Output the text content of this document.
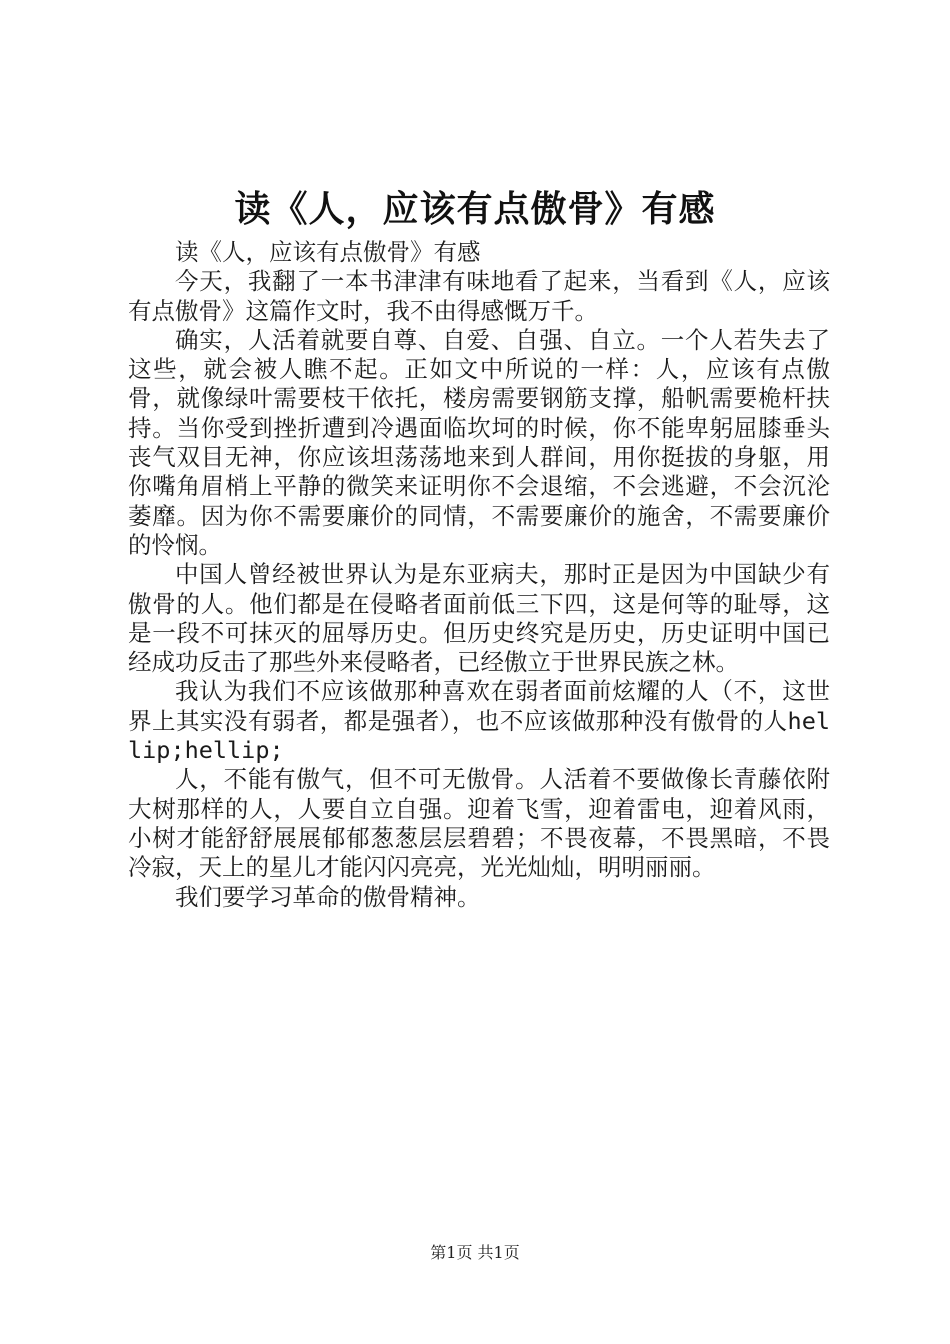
读《人，应该有点傲骨》有感

读《人，应该有点傲骨》有感

今天，我翻了一本书津津有味地看了起来，当看到《人，应该有点傲骨》这篇作文时，我不由得感慨万千。

确实，人活着就要自尊、自爱、自强、自立。一个人若失去了这些，就会被人瞧不起。正如文中所说的一样：人，应该有点傲骨，就像绿叶需要枝干依托，楼房需要钢筋支撑，船帆需要桅杆扶持。当你受到挫折遭到冷遇面临坎坷的时候，你不能卑躬屈膝垂头丧气双目无神，你应该坦荡荡地来到人群间，用你挺拔的身躯，用你嘴角眉梢上平静的微笑来证明你不会退缩，不会逃避，不会沉沦萎靡。因为你不需要廉价的同情，不需要廉价的施舍，不需要廉价的怜悯。

中国人曾经被世界认为是东亚病夫，那时正是因为中国缺少有傲骨的人。他们都是在侵略者面前低三下四，这是何等的耻辱，这是一段不可抹灭的屈辱历史。但历史终究是历史，历史证明中国已经成功反击了那些外来侵略者，已经傲立于世界民族之林。

我认为我们不应该做那种喜欢在弱者面前炫耀的人（不，这世界上其实没有弱者，都是强者），也不应该做那种没有傲骨的人hellip;hellip;

人，不能有傲气，但不可无傲骨。人活着不要做像长青藤依附大树那样的人，人要自立自强。迎着飞雪，迎着雷电，迎着风雨，小树才能舒舒展展郁郁葱葱层层碧碧；不畏夜幕，不畏黑暗，不畏冷寂，天上的星儿才能闪闪亮亮，光光灿灿，明明丽丽。

我们要学习革命的傲骨精神。

第1页 共1页
